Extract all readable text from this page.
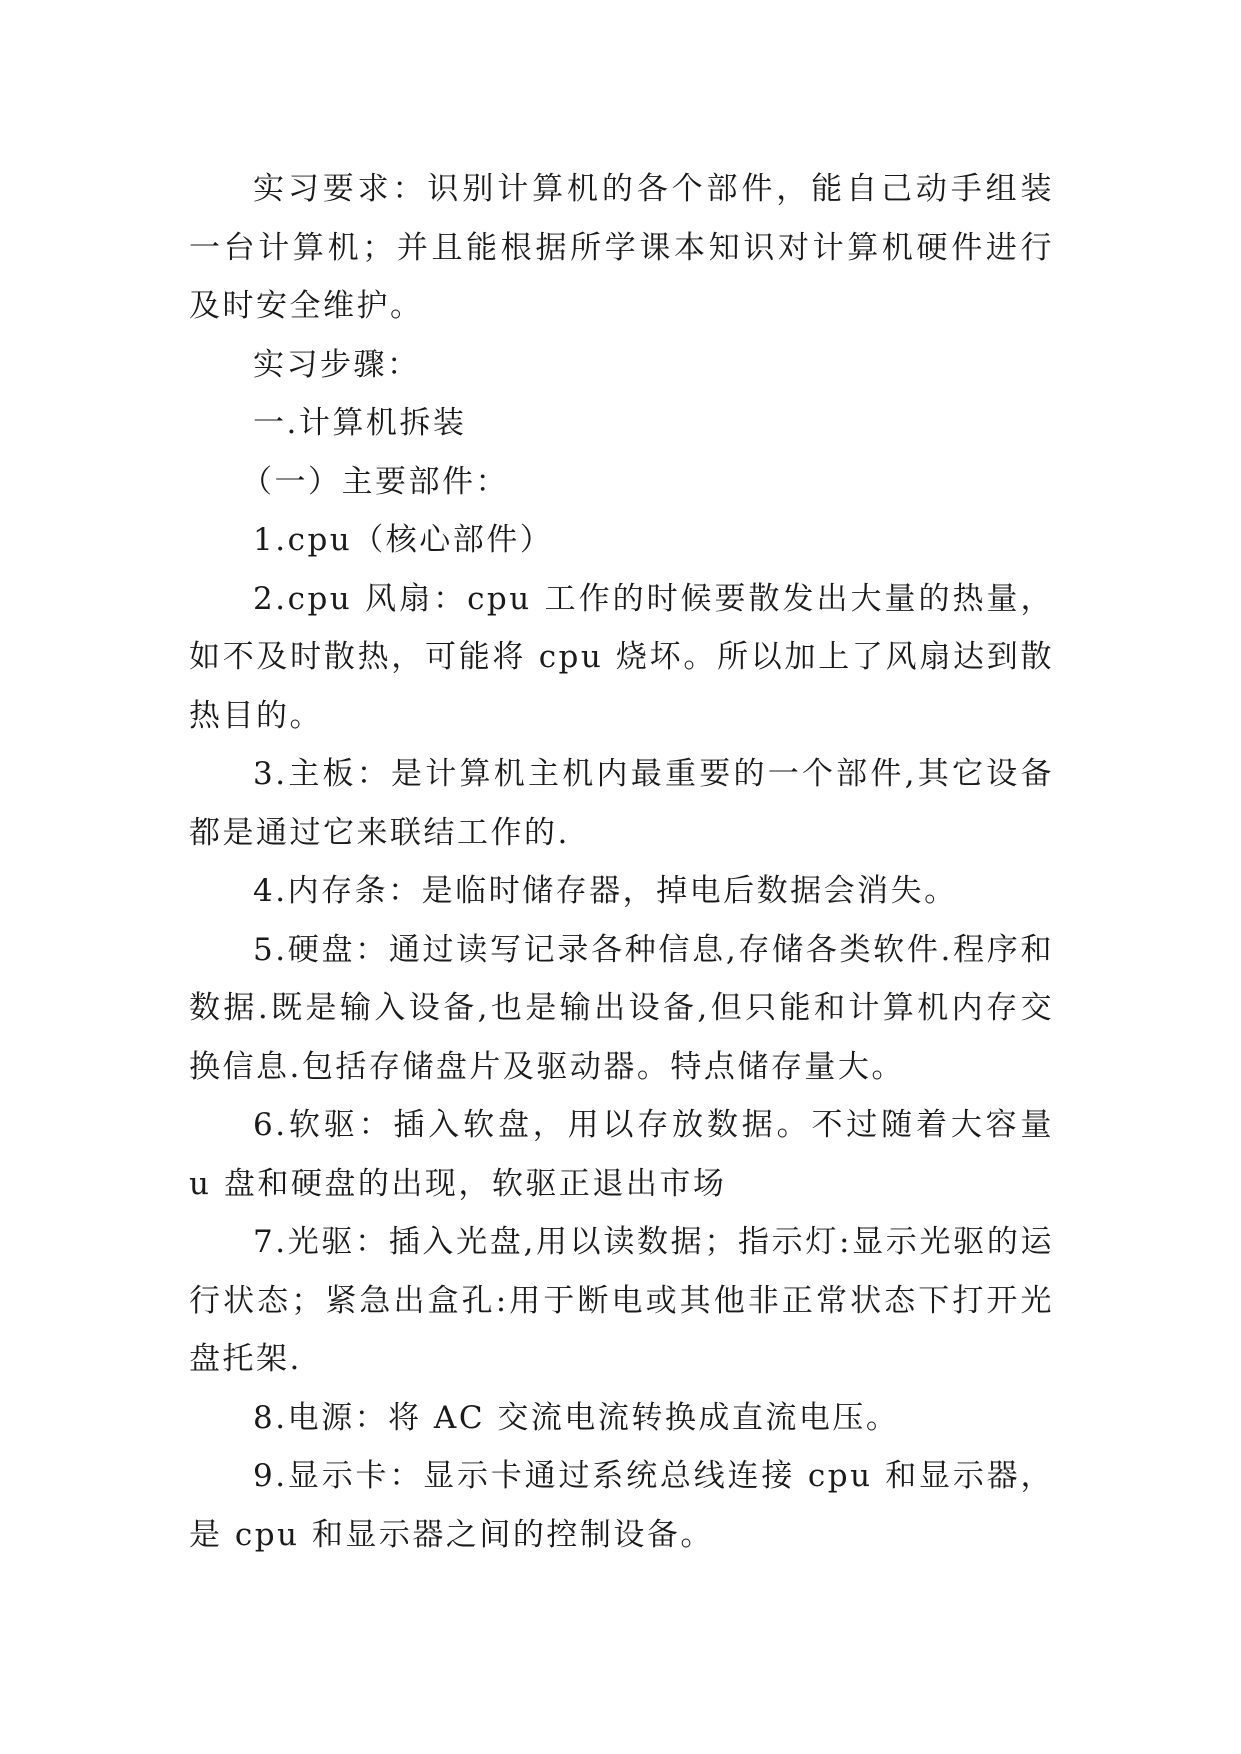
实习要求：识别计算机的各个部件，能自己动手组装一台计算机；并且能根据所学课本知识对计算机硬件进行及时安全维护。

实习步骤：

一.计算机拆装

（一）主要部件：

1.cpu（核心部件）

2.cpu 风扇：cpu 工作的时候要散发出大量的热量，如不及时散热，可能将 cpu 烧坏。所以加上了风扇达到散热目的。

3.主板：是计算机主机内最重要的一个部件,其它设备都是通过它来联结工作的.

4.内存条：是临时储存器，掉电后数据会消失。

5.硬盘：通过读写记录各种信息,存储各类软件.程序和数据.既是输入设备,也是输出设备,但只能和计算机内存交换信息.包括存储盘片及驱动器。特点储存量大。

6.软驱：插入软盘，用以存放数据。不过随着大容量 u 盘和硬盘的出现，软驱正退出市场

7.光驱：插入光盘,用以读数据；指示灯:显示光驱的运行状态；紧急出盒孔:用于断电或其他非正常状态下打开光盘托架.

8.电源：将 AC 交流电流转换成直流电压。

9.显示卡：显示卡通过系统总线连接 cpu 和显示器，是 cpu 和显示器之间的控制设备。
